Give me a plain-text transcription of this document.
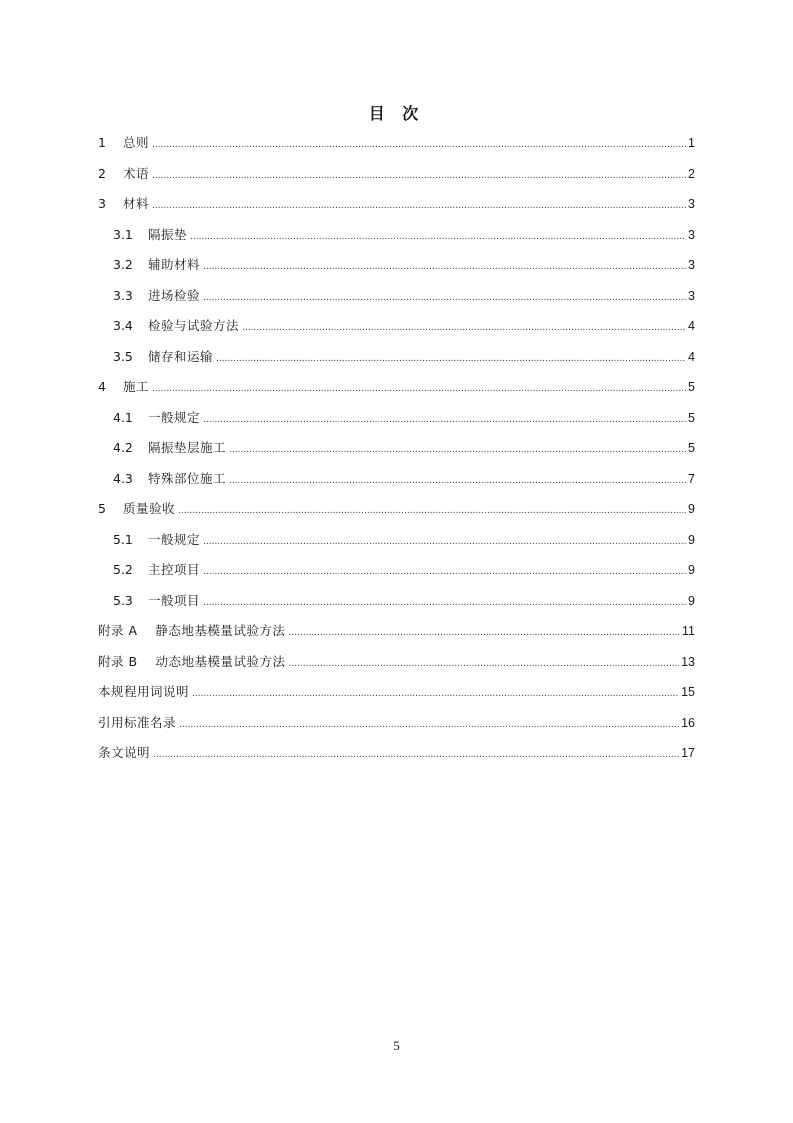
目 次
1	总则 .....	1
2	术语 .....	2
3	材料 .....	3
3.1	隔振垫 .....	3
3.2	辅助材料 .....	3
3.3	进场检验 .....	3
3.4	检验与试验方法 .....	4
3.5	储存和运输 .....	4
4	施工 .....	5
4.1	一般规定 .....	5
4.2	隔振垫层施工 .....	5
4.3	特殊部位施工 .....	7
5	质量验收 .....	9
5.1	一般规定 .....	9
5.2	主控项目 .....	9
5.3	一般项目 .....	9
附录 A    静态地基模量试验方法 .....	11
附录 B    动态地基模量试验方法 .....	13
本规程用词说明 .....	15
引用标准名录 .....	16
条文说明 .....	17
5
